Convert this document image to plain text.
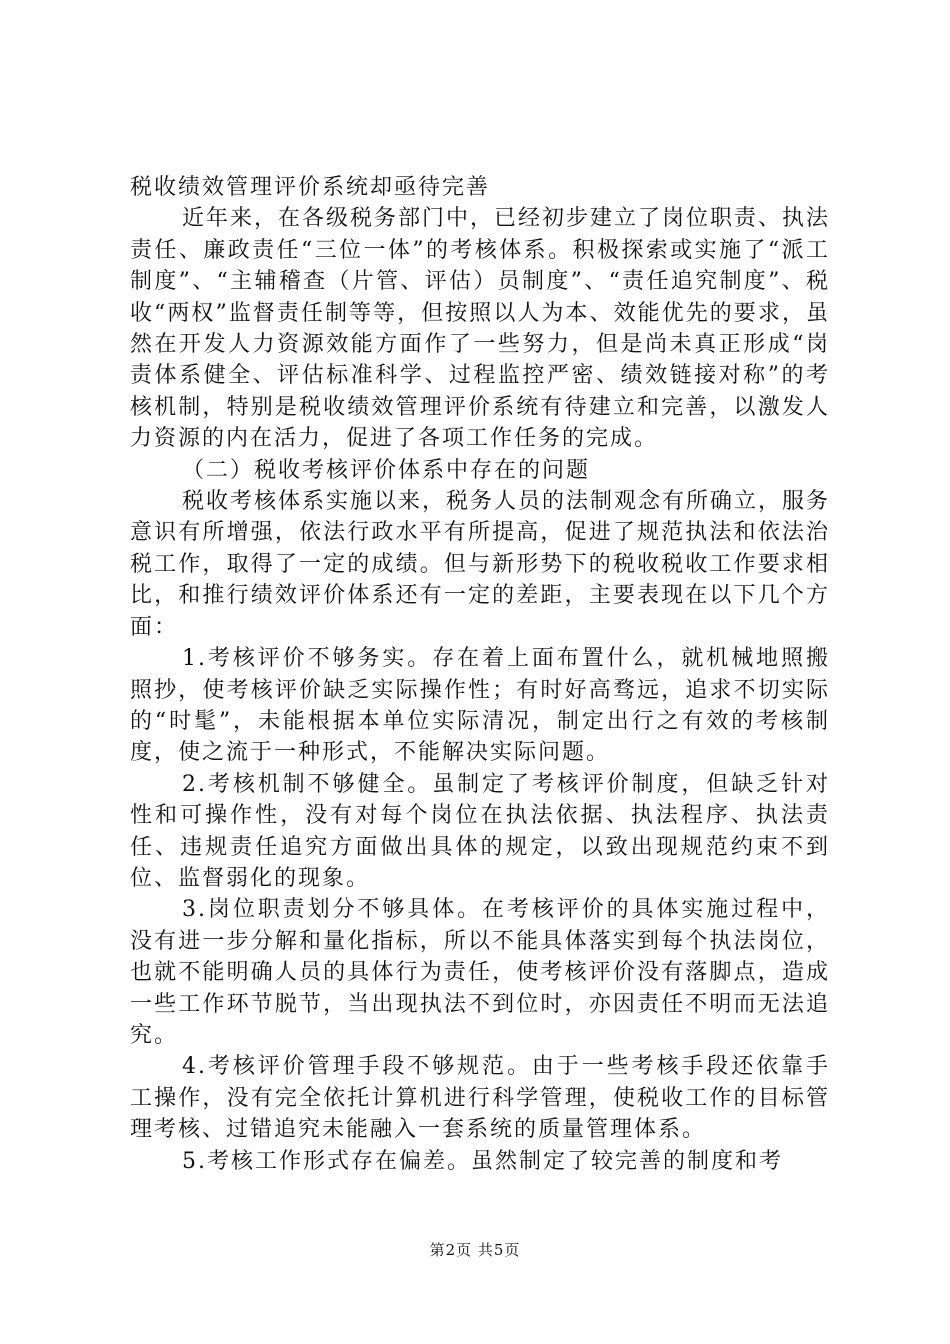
税收绩效管理评价系统却亟待完善

近年来，在各级税务部门中，已经初步建立了岗位职责、执法责任、廉政责任“三位一体”的考核体系。积极探索或实施了“派工制度”、“主辅稽查（片管、评估）员制度”、“责任追究制度”、税收“两权”监督责任制等等，但按照以人为本、效能优先的要求，虽然在开发人力资源效能方面作了一些努力，但是尚未真正形成“岗责体系健全、评估标准科学、过程监控严密、绩效链接对称”的考核机制，特别是税收绩效管理评价系统有待建立和完善，以激发人力资源的内在活力，促进了各项工作任务的完成。

（二）税收考核评价体系中存在的问题

税收考核体系实施以来，税务人员的法制观念有所确立，服务意识有所增强，依法行政水平有所提高，促进了规范执法和依法治税工作，取得了一定的成绩。但与新形势下的税收税收工作要求相比，和推行绩效评价体系还有一定的差距，主要表现在以下几个方面：

1.考核评价不够务实。存在着上面布置什么，就机械地照搬照抄，使考核评价缺乏实际操作性；有时好高骛远，追求不切实际的“时髦”，未能根据本单位实际清况，制定出行之有效的考核制度，使之流于一种形式，不能解决实际问题。

2.考核机制不够健全。虽制定了考核评价制度，但缺乏针对性和可操作性，没有对每个岗位在执法依据、执法程序、执法责任、违规责任追究方面做出具体的规定，以致出现规范约束不到位、监督弱化的现象。

3.岗位职责划分不够具体。在考核评价的具体实施过程中，没有进一步分解和量化指标，所以不能具体落实到每个执法岗位，也就不能明确人员的具体行为责任，使考核评价没有落脚点，造成一些工作环节脱节，当出现执法不到位时，亦因责任不明而无法追究。

4.考核评价管理手段不够规范。由于一些考核手段还依靠手工操作，没有完全依托计算机进行科学管理，使税收工作的目标管理考核、过错追究未能融入一套系统的质量管理体系。

5.考核工作形式存在偏差。虽然制定了较完善的制度和考

第2页 共5页
